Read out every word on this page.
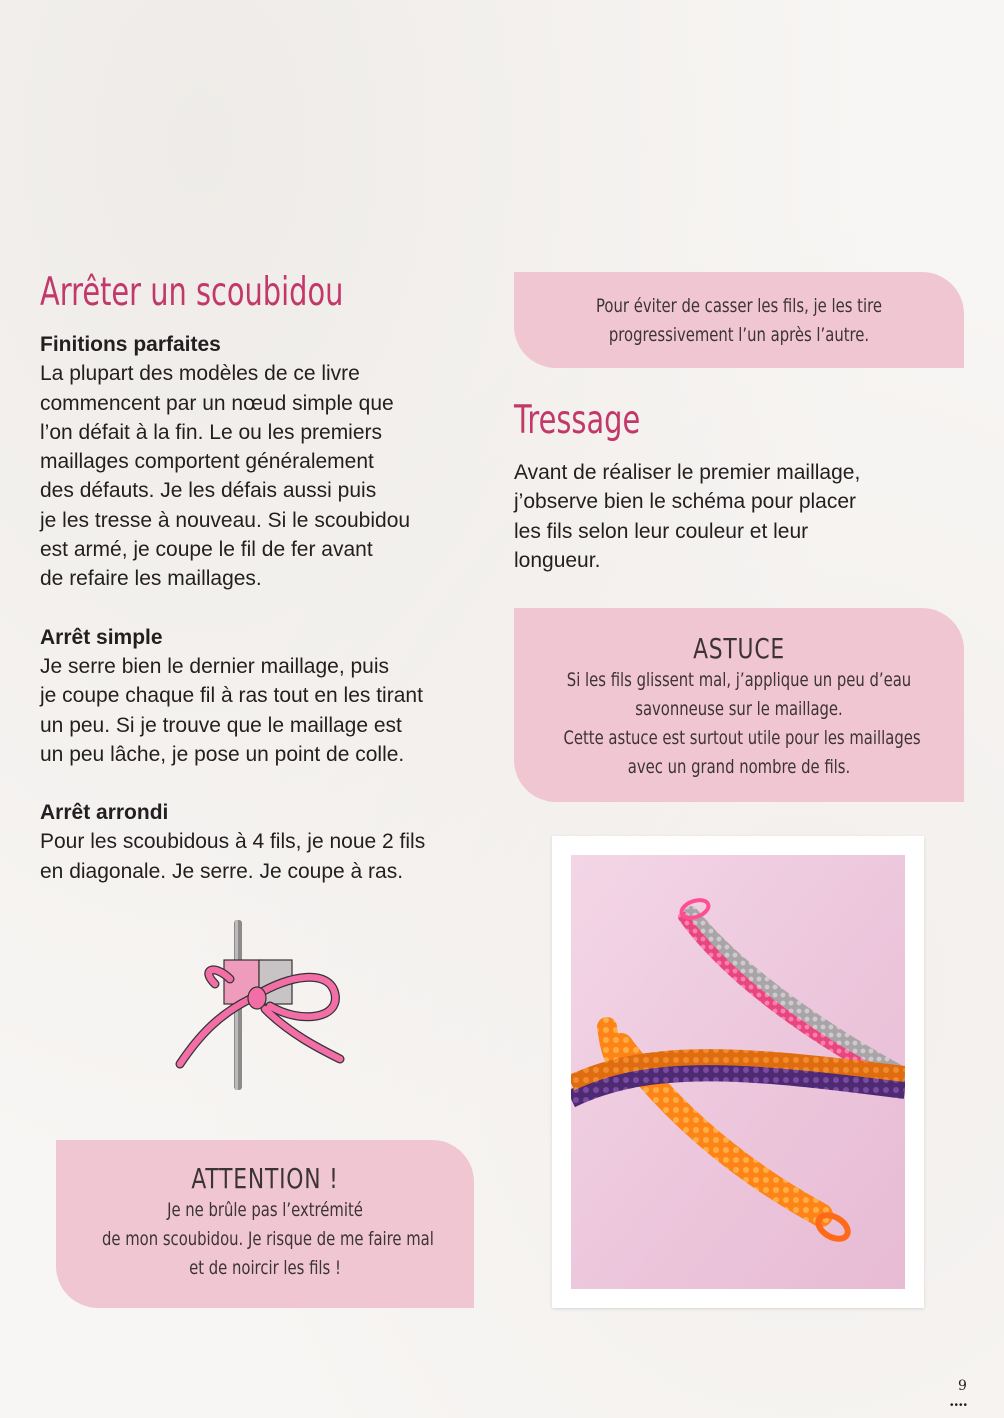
Arrêter un scoubidou
Finitions parfaites
La plupart des modèles de ce livre
commencent par un nœud simple que
l’on défait à la fin. Le ou les premiers
maillages comportent généralement
des défauts. Je les défais aussi puis
je les tresse à nouveau. Si le scoubidou
est armé, je coupe le fil de fer avant
de refaire les maillages.
Arrêt simple
Je serre bien le dernier maillage, puis
je coupe chaque fil à ras tout en les tirant
un peu. Si je trouve que le maillage est
un peu lâche, je pose un point de colle.
Arrêt arrondi
Pour les scoubidous à 4 fils, je noue 2 fils
en diagonale. Je serre. Je coupe à ras.
ATTENTION !
Je ne brûle pas l’extrémité
de mon scoubidou. Je risque de me faire mal
et de noircir les fils !
Pour éviter de casser les fils, je les tire
progressivement l’un après l’autre.
Tressage
Avant de réaliser le premier maillage,
j’observe bien le schéma pour placer
les fils selon leur couleur et leur
longueur.
ASTUCE
Si les fils glissent mal, j’applique un peu d’eau
savonneuse sur le maillage.
Cette astuce est surtout utile pour les maillages
avec un grand nombre de fils.
9
••••
